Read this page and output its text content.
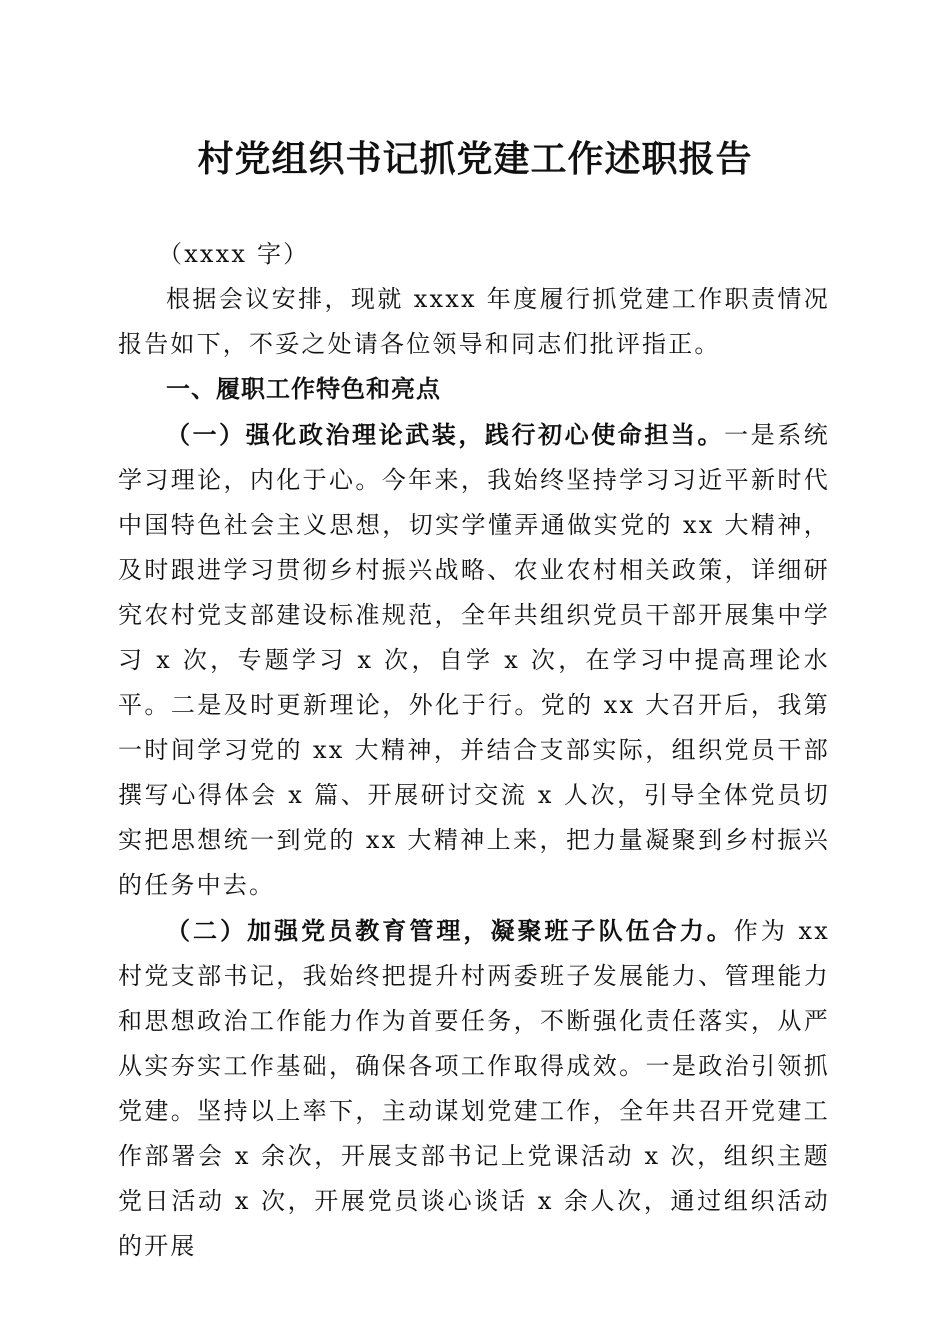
村党组织书记抓党建工作述职报告

（xxxx 字）

根据会议安排，现就 xxxx 年度履行抓党建工作职责情况报告如下，不妥之处请各位领导和同志们批评指正。

一、履职工作特色和亮点

（一）强化政治理论武装，践行初心使命担当。一是系统学习理论，内化于心。今年来，我始终坚持学习习近平新时代中国特色社会主义思想，切实学懂弄通做实党的 xx 大精神，及时跟进学习贯彻乡村振兴战略、农业农村相关政策，详细研究农村党支部建设标准规范，全年共组织党员干部开展集中学习 x 次，专题学习 x 次，自学 x 次，在学习中提高理论水平。二是及时更新理论，外化于行。党的 xx 大召开后，我第一时间学习党的 xx 大精神，并结合支部实际，组织党员干部撰写心得体会 x 篇、开展研讨交流 x 人次，引导全体党员切实把思想统一到党的 xx 大精神上来，把力量凝聚到乡村振兴的任务中去。

（二）加强党员教育管理，凝聚班子队伍合力。作为 xx 村党支部书记，我始终把提升村两委班子发展能力、管理能力和思想政治工作能力作为首要任务，不断强化责任落实，从严从实夯实工作基础，确保各项工作取得成效。一是政治引领抓党建。坚持以上率下，主动谋划党建工作，全年共召开党建工作部署会 x 余次，开展支部书记上党课活动 x 次，组织主题党日活动 x 次，开展党员谈心谈话 x 余人次，通过组织活动的开展
